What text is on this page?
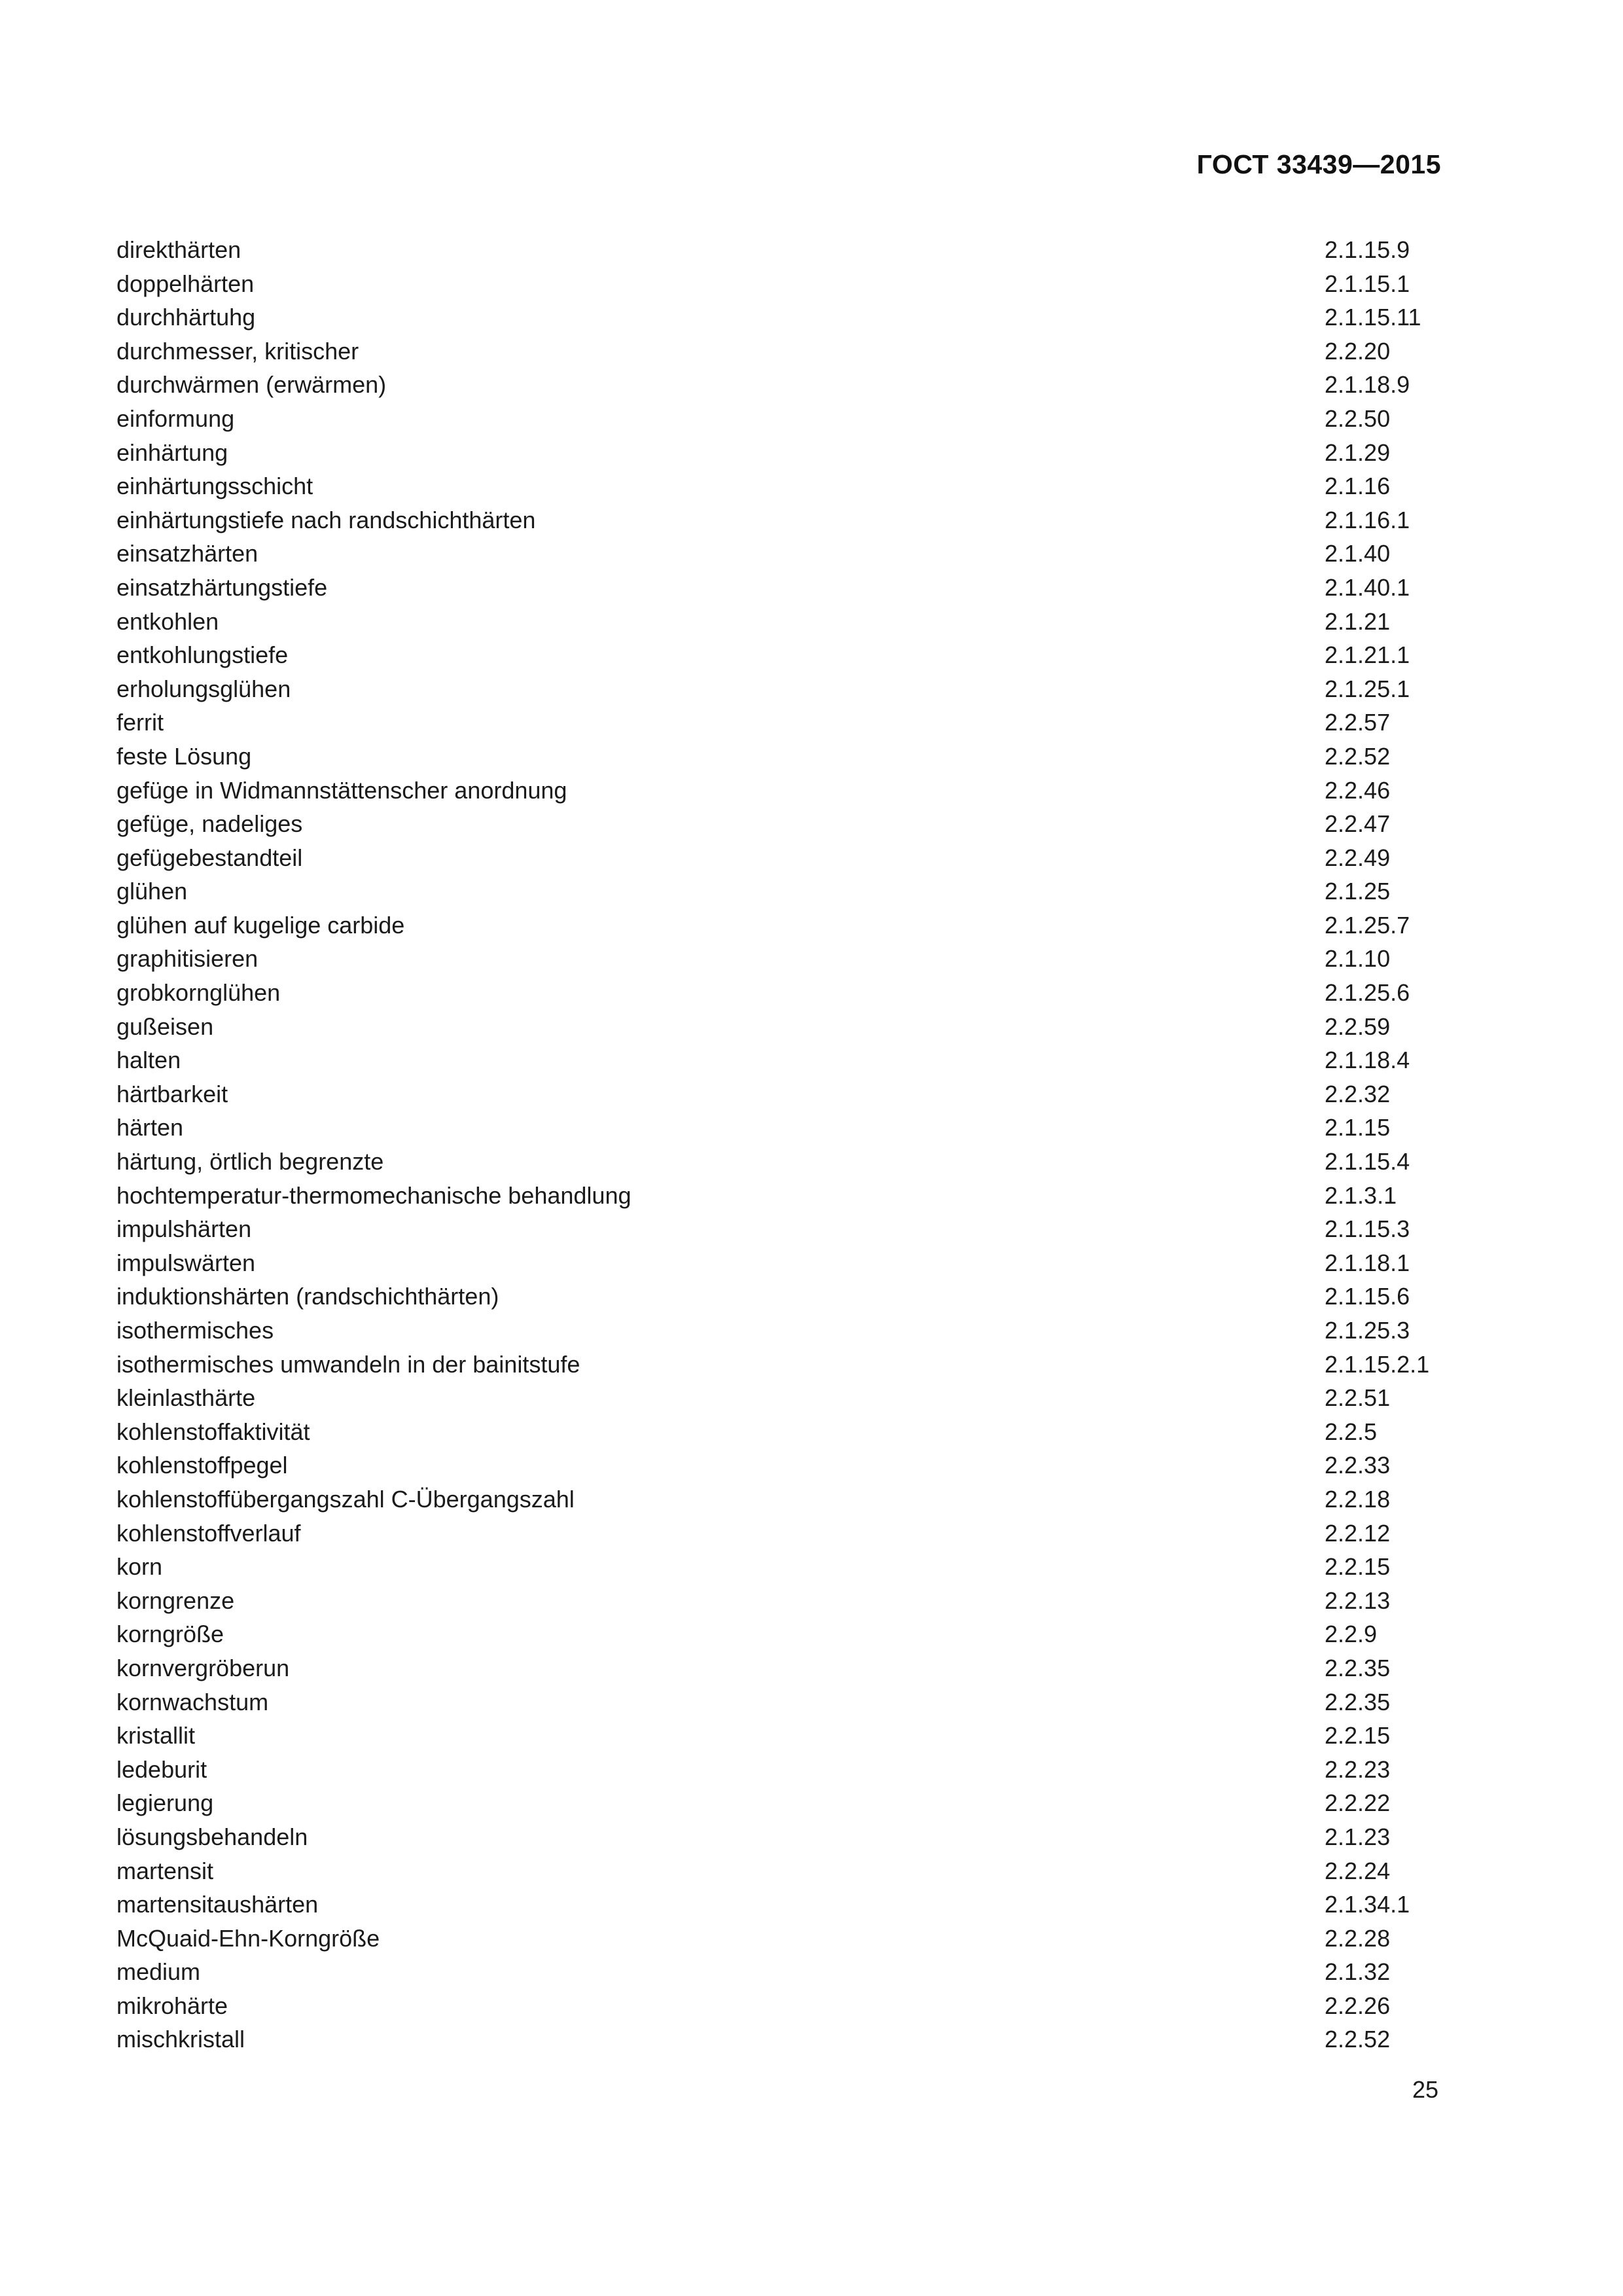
ГОСТ 33439—2015
direkthärten	2.1.15.9
doppelhärten	2.1.15.1
durchhärtuhg	2.1.15.11
durchmesser, kritischer	2.2.20
durchwärmen (erwärmen)	2.1.18.9
einformung	2.2.50
einhärtung	2.1.29
einhärtungsschicht	2.1.16
einhärtungstiefe nach randschichthärten	2.1.16.1
einsatzhärten	2.1.40
einsatzhärtungstiefe	2.1.40.1
entkohlen	2.1.21
entkohlungstiefe	2.1.21.1
erholungsglühen	2.1.25.1
ferrit	2.2.57
feste Lösung	2.2.52
gefüge in Widmannstättenscher anordnung	2.2.46
gefüge, nadeliges	2.2.47
gefügebestandteil	2.2.49
glühen	2.1.25
glühen auf kugelige carbide	2.1.25.7
graphitisieren	2.1.10
grobkornglühen	2.1.25.6
gußeisen	2.2.59
halten	2.1.18.4
härtbarkeit	2.2.32
härten	2.1.15
härtung, örtlich begrenzte	2.1.15.4
hochtemperatur-thermomechanische behandlung	2.1.3.1
impulshärten	2.1.15.3
impulswärten	2.1.18.1
induktionshärten (randschichthärten)	2.1.15.6
isothermisches	2.1.25.3
isothermisches umwandeln in der bainitstufe	2.1.15.2.1
kleinlasthärte	2.2.51
kohlenstoffaktivität	2.2.5
kohlenstoffpegel	2.2.33
kohlenstoffübergangszahl C-Übergangszahl	2.2.18
kohlenstoffverlauf	2.2.12
korn	2.2.15
korngrenze	2.2.13
korngröße	2.2.9
kornvergröberun	2.2.35
kornwachstum	2.2.35
kristallit	2.2.15
ledeburit	2.2.23
legierung	2.2.22
lösungsbehandeln	2.1.23
martensit	2.2.24
martensitaushärten	2.1.34.1
McQuaid-Ehn-Korngröße	2.2.28
medium	2.1.32
mikrohärte	2.2.26
mischkristall	2.2.52
25
